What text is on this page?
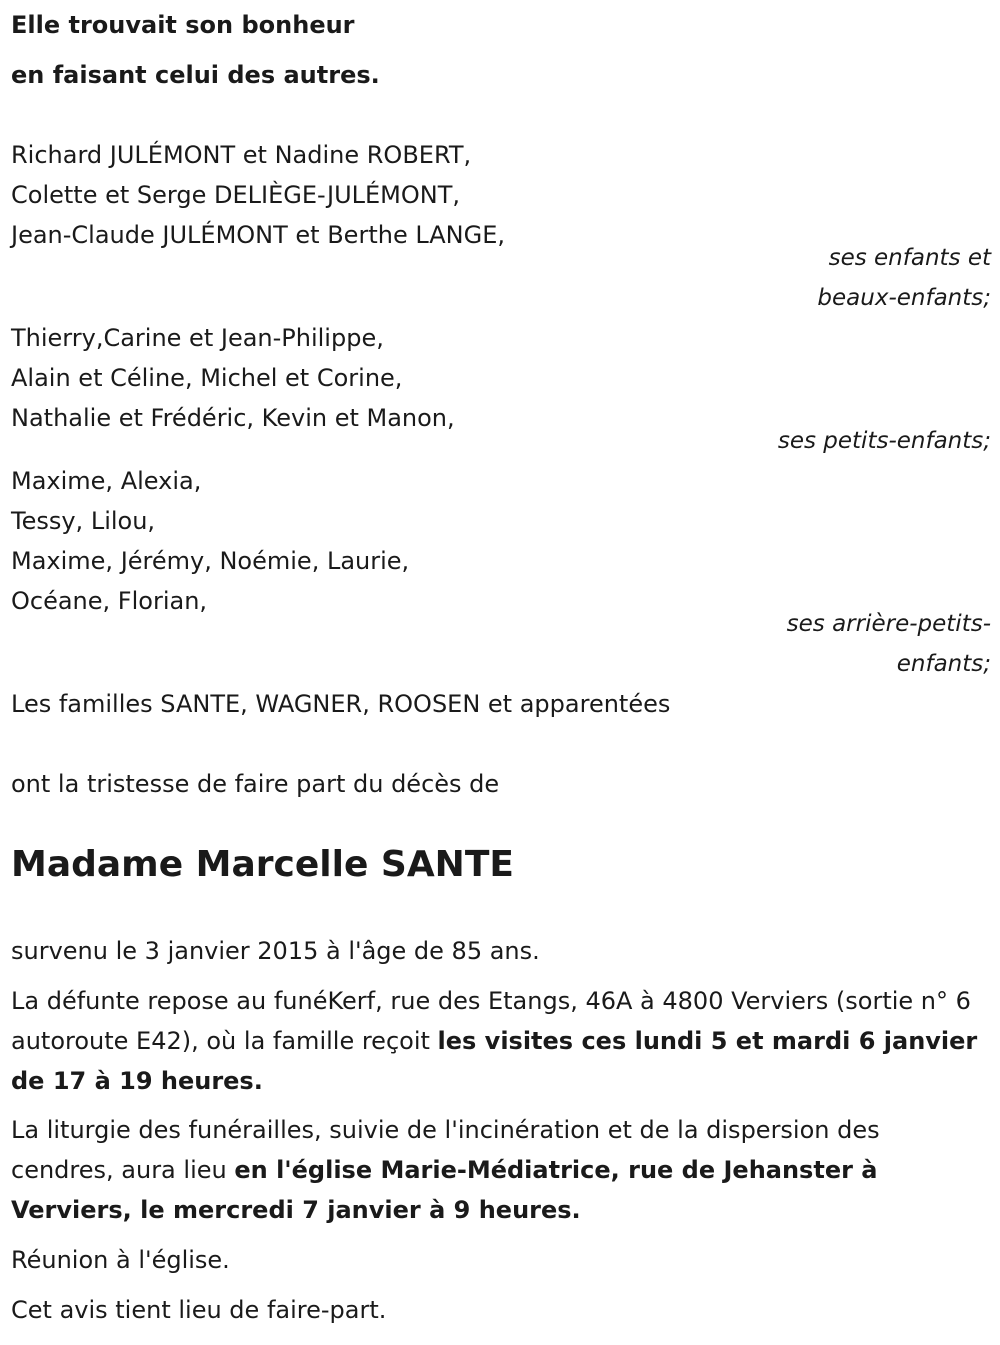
Elle trouvait son bonheur
en faisant celui des autres.
Richard JULÉMONT et Nadine ROBERT,
Colette et Serge DELIÈGE-JULÉMONT,
Jean-Claude JULÉMONT et Berthe LANGE,
ses enfants et
beaux-enfants;
Thierry,Carine et Jean-Philippe,
Alain et Céline, Michel et Corine,
Nathalie et Frédéric, Kevin et Manon,
ses petits-enfants;
Maxime, Alexia,
Tessy, Lilou,
Maxime, Jérémy, Noémie, Laurie,
Océane, Florian,
ses arrière-petits-
enfants;
Les familles SANTE, WAGNER, ROOSEN et apparentées
ont la tristesse de faire part du décès de
Madame Marcelle SANTE
survenu le 3 janvier 2015 à l'âge de 85 ans.
La défunte repose au funéKerf, rue des Etangs, 46A à 4800 Verviers (sortie n° 6 autoroute E42), où la famille reçoit les visites ces lundi 5 et mardi 6 janvier de 17 à 19 heures.
La liturgie des funérailles, suivie de l'incinération et de la dispersion des cendres, aura lieu en l'église Marie-Médiatrice, rue de Jehanster à Verviers, le mercredi 7 janvier à 9 heures.
Réunion à l'église.
Cet avis tient lieu de faire-part.
